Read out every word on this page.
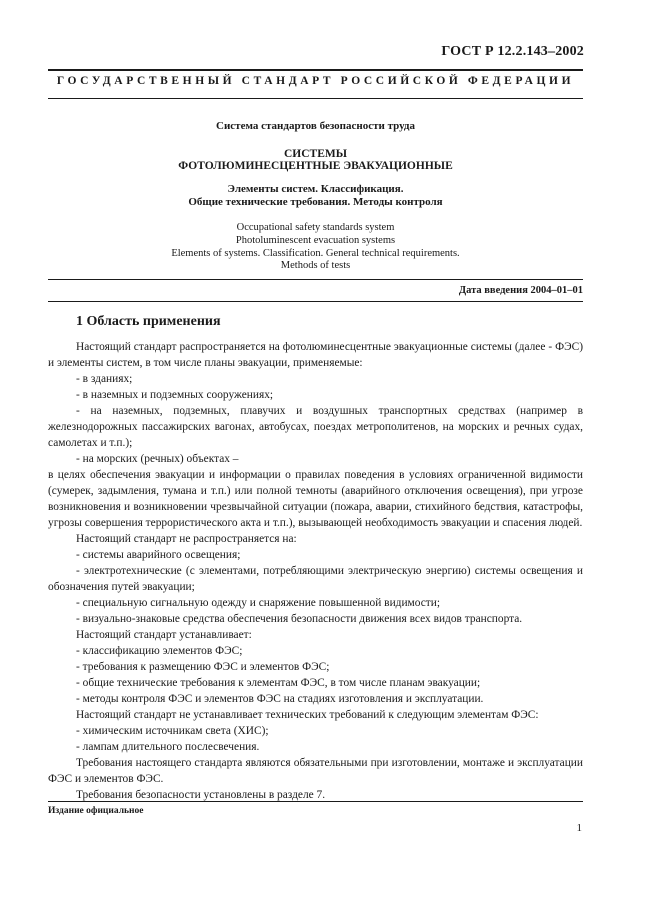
ГОСТ Р 12.2.143–2002
ГОСУДАРСТВЕННЫЙ СТАНДАРТ РОССИЙСКОЙ ФЕДЕРАЦИИ
Система стандартов безопасности труда
СИСТЕМЫ
ФОТОЛЮМИНЕСЦЕНТНЫЕ ЭВАКУАЦИОННЫЕ
Элементы систем. Классификация.
Общие технические требования. Методы контроля
Occupational safety standards system
Photoluminescent evacuation systems
Elements of systems. Classification. General technical requirements.
Methods of tests
Дата введения 2004–01–01
1 Область применения

Настоящий стандарт распространяется на фотолюминесцентные эвакуационные системы (далее - ФЭС) и элементы систем, в том числе планы эвакуации, применяемые:

- в зданиях;

- в наземных и подземных сооружениях;

- на наземных, подземных, плавучих и воздушных транспортных средствах (например в железнодорожных пассажирских вагонах, автобусах, поездах метрополитенов, на морских и речных судах, самолетах и т.п.);

- на морских (речных) объектах –

в целях обеспечения эвакуации и информации о правилах поведения в условиях ограниченной видимости (сумерек, задымления, тумана и т.п.) или полной темноты (аварийного отключения освещения), при угрозе возникновения и возникновении чрезвычайной ситуации (пожара, аварии, стихийного бедствия, катастрофы, угрозы совершения террористического акта и т.п.), вызывающей необходимость эвакуации и спасения людей.

Настоящий стандарт не распространяется на:

- системы аварийного освещения;

- электротехнические (с элементами, потребляющими электрическую энергию) системы освещения и обозначения путей эвакуации;

- специальную сигнальную одежду и снаряжение повышенной видимости;

- визуально-знаковые средства обеспечения безопасности движения всех видов транспорта.

Настоящий стандарт устанавливает:

- классификацию элементов ФЭС;

- требования к размещению ФЭС и элементов ФЭС;

- общие технические требования к элементам ФЭС, в том числе планам эвакуации;

- методы контроля ФЭС и элементов ФЭС на стадиях изготовления и эксплуатации.

Настоящий стандарт не устанавливает технических требований к следующим элементам ФЭС:

- химическим источникам света (ХИС);

- лампам длительного послесвечения.

Требования настоящего стандарта являются обязательными при изготовлении, монтаже и эксплуатации ФЭС и элементов ФЭС.

Требования безопасности установлены в разделе 7.

Издание официальное
1
